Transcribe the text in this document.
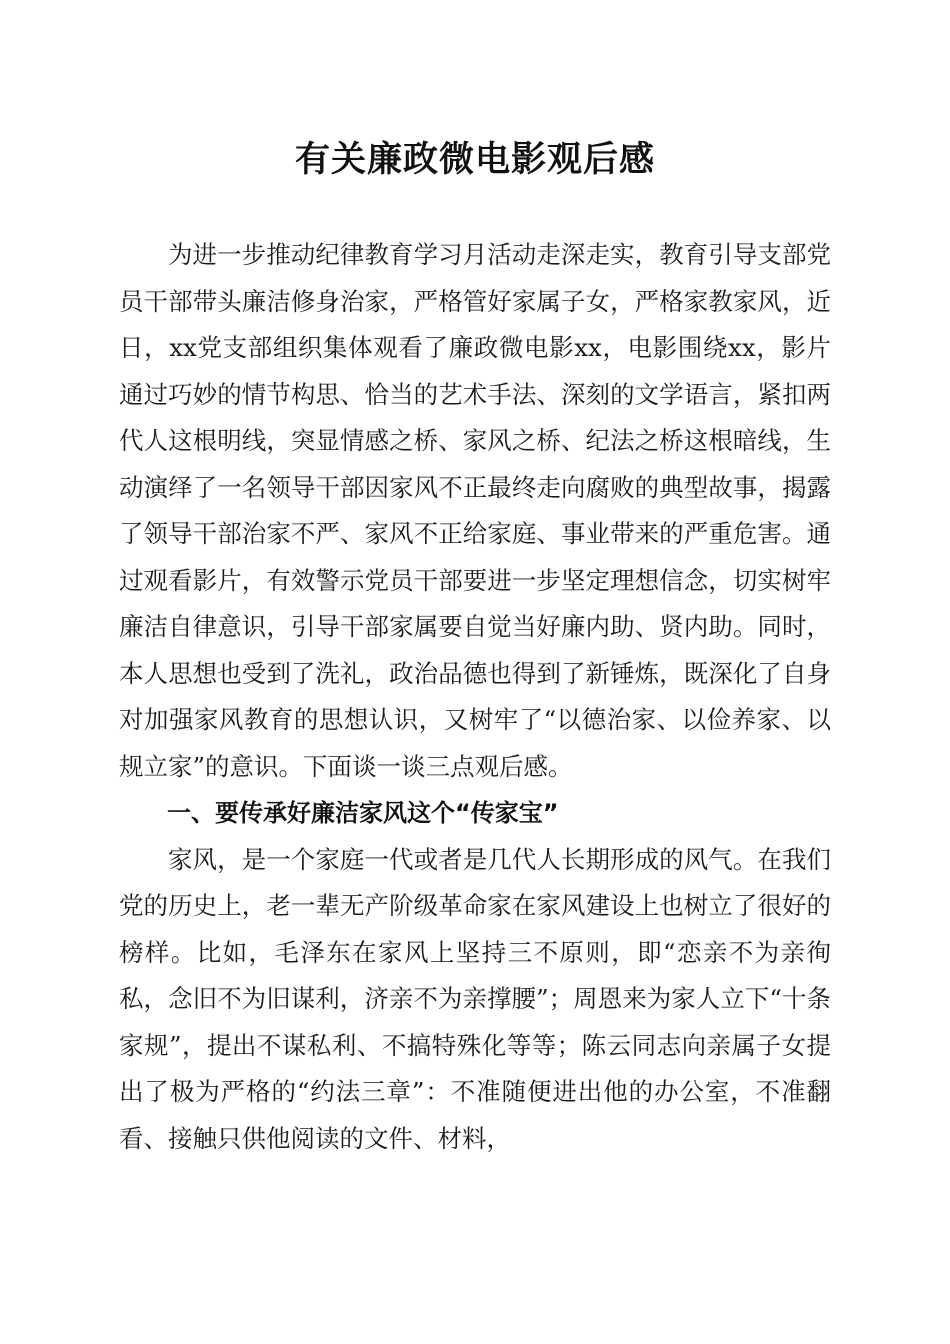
有关廉政微电影观后感

为进一步推动纪律教育学习月活动走深走实，教育引导支部党员干部带头廉洁修身治家，严格管好家属子女，严格家教家风，近日，xx党支部组织集体观看了廉政微电影xx，电影围绕xx，影片通过巧妙的情节构思、恰当的艺术手法、深刻的文学语言，紧扣两代人这根明线，突显情感之桥、家风之桥、纪法之桥这根暗线，生动演绎了一名领导干部因家风不正最终走向腐败的典型故事，揭露了领导干部治家不严、家风不正给家庭、事业带来的严重危害。通过观看影片，有效警示党员干部要进一步坚定理想信念，切实树牢廉洁自律意识，引导干部家属要自觉当好廉内助、贤内助。同时，本人思想也受到了洗礼，政治品德也得到了新锤炼，既深化了自身对加强家风教育的思想认识，又树牢了“以德治家、以俭养家、以规立家”的意识。下面谈一谈三点观后感。

一、要传承好廉洁家风这个“传家宝”

家风，是一个家庭一代或者是几代人长期形成的风气。在我们党的历史上，老一辈无产阶级革命家在家风建设上也树立了很好的榜样。比如，毛泽东在家风上坚持三不原则，即“恋亲不为亲徇私，念旧不为旧谋利，济亲不为亲撑腰”；周恩来为家人立下“十条家规”，提出不谋私利、不搞特殊化等等；陈云同志向亲属子女提出了极为严格的“约法三章”：不准随便进出他的办公室，不准翻看、接触只供他阅读的文件、材料，
